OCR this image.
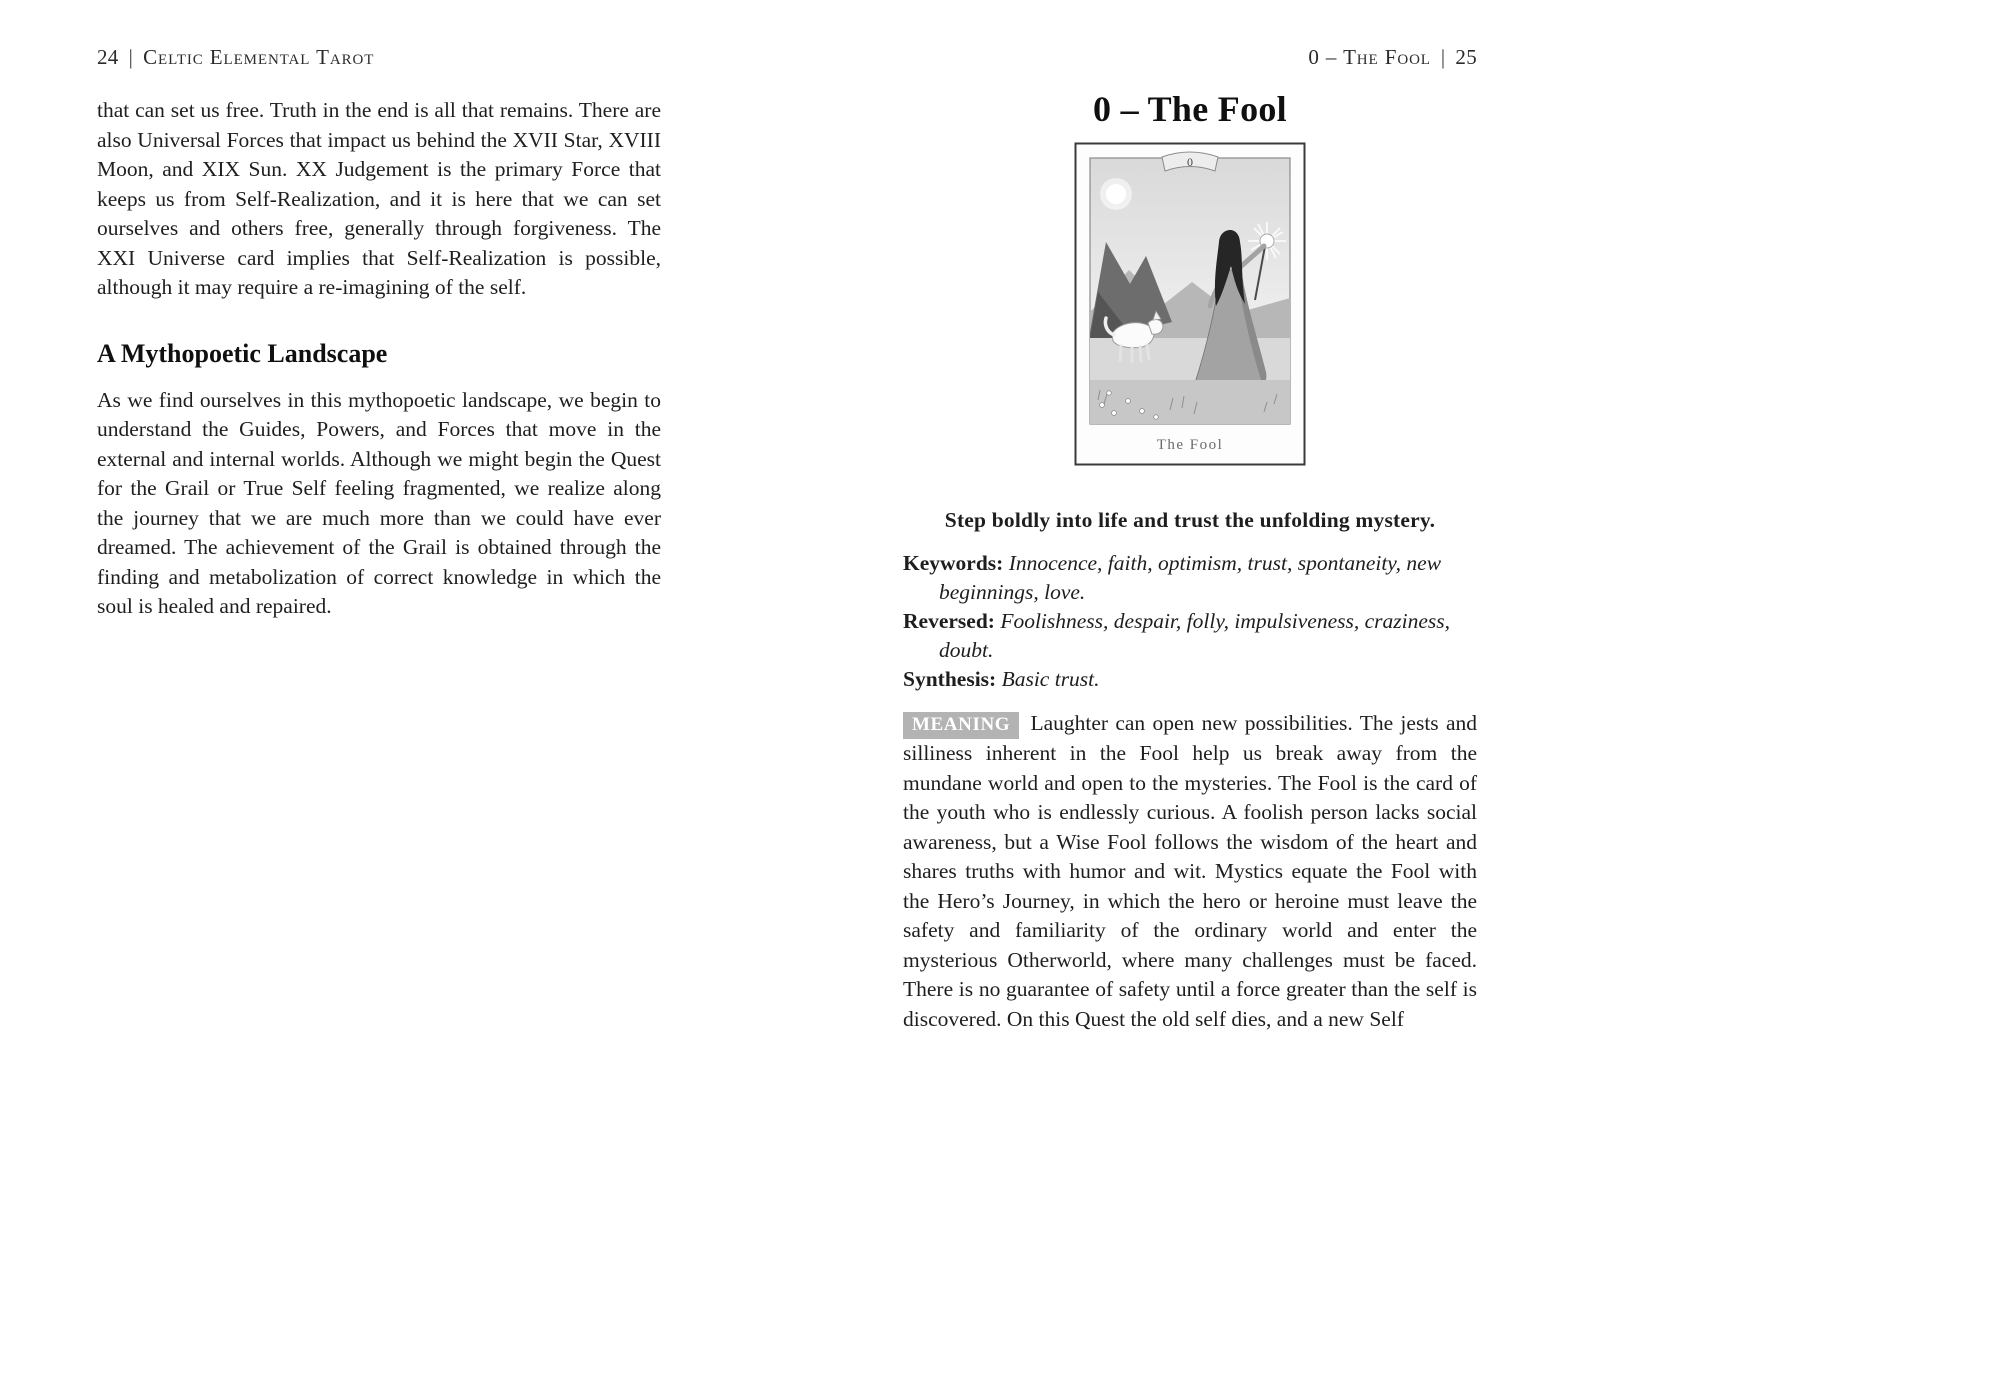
24 | Celtic Elemental Tarot

that can set us free. Truth in the end is all that remains. There are also Universal Forces that impact us behind the XVII Star, XVIII Moon, and XIX Sun. XX Judgement is the primary Force that keeps us from Self-Realization, and it is here that we can set ourselves and others free, generally through forgiveness. The XXI Universe card implies that Self-Realization is possible, although it may require a re-imagining of the self.

A Mythopoetic Landscape

As we find ourselves in this mythopoetic landscape, we begin to understand the Guides, Powers, and Forces that move in the external and internal worlds. Although we might begin the Quest for the Grail or True Self feeling fragmented, we realize along the journey that we are much more than we could have ever dreamed. The achievement of the Grail is obtained through the finding and metabolization of correct knowledge in which the soul is healed and repaired.

0 – The Fool | 25
0 – The Fool
0
The Fool

Step boldly into life and trust the unfolding mystery.

Keywords: Innocence, faith, optimism, trust, spontaneity, new beginnings, love.

Reversed: Foolishness, despair, folly, impulsiveness, craziness, doubt.

Synthesis: Basic trust.

MEANING Laughter can open new possibilities. The jests and silliness inherent in the Fool help us break away from the mundane world and open to the mysteries. The Fool is the card of the youth who is endlessly curious. A foolish person lacks social awareness, but a Wise Fool follows the wisdom of the heart and shares truths with humor and wit. Mystics equate the Fool with the Hero’s Journey, in which the hero or heroine must leave the safety and familiarity of the ordinary world and enter the mysterious Otherworld, where many challenges must be faced. There is no guarantee of safety until a force greater than the self is discovered. On this Quest the old self dies, and a new Self
